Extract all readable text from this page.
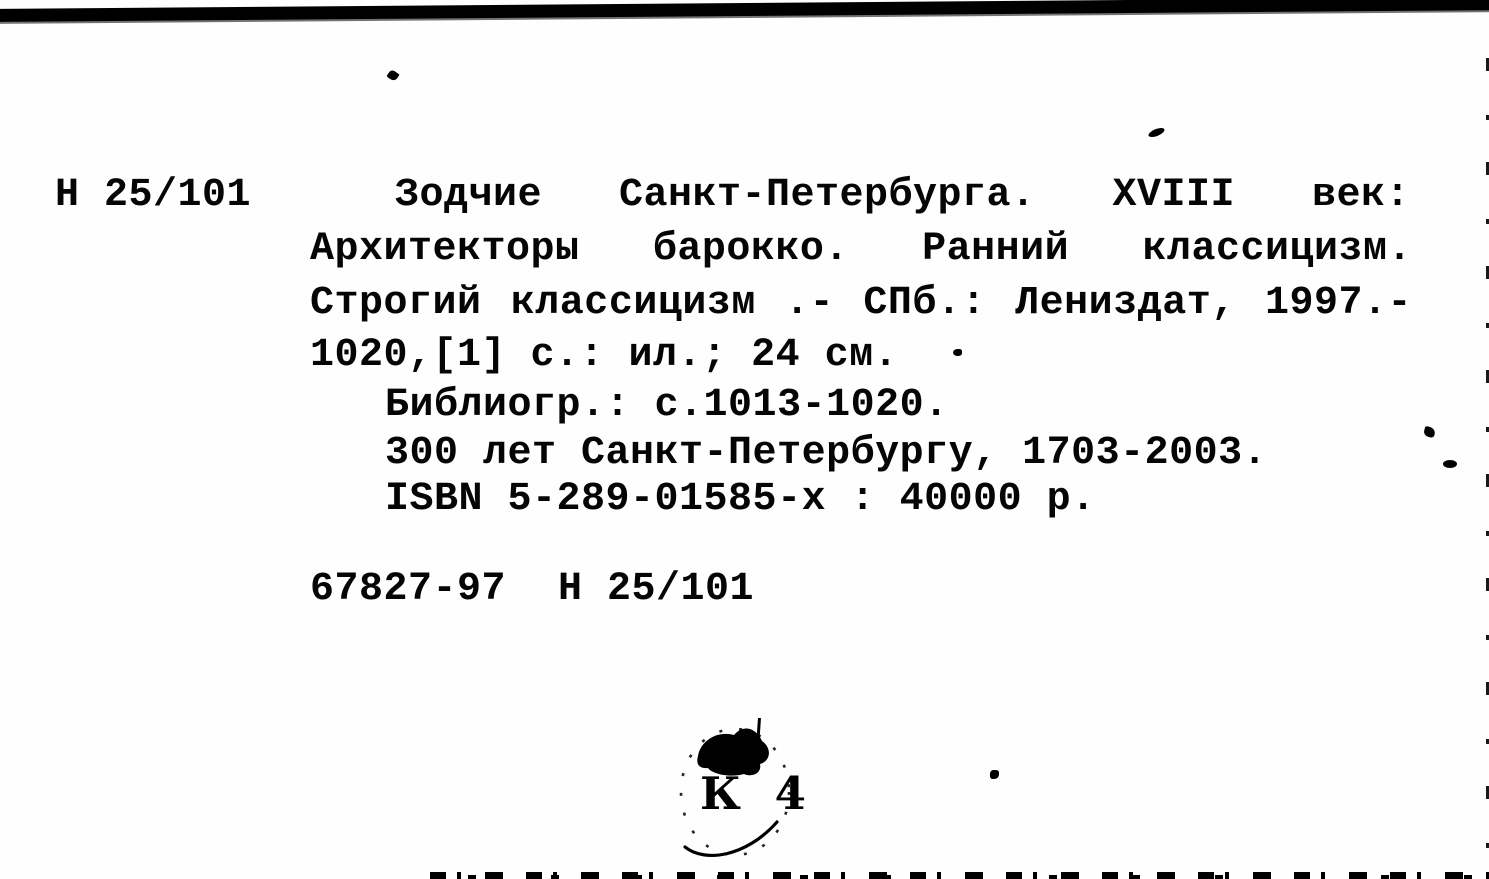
Н 25/101	Зодчие Санкт-Петербурга. XVIII век:
Архитекторы барокко. Ранний классицизм.
Строгий классицизм .- СПб.: Лениздат, 1997.-
1020,[1] с.: ил.; 24 см.
Библиогр.: с.1013-1020.
300 лет Санкт-Петербургу, 1703-2003.
ISBN 5-289-01585-х : 40000 р.
67827-97 Н 25/101
К 4
